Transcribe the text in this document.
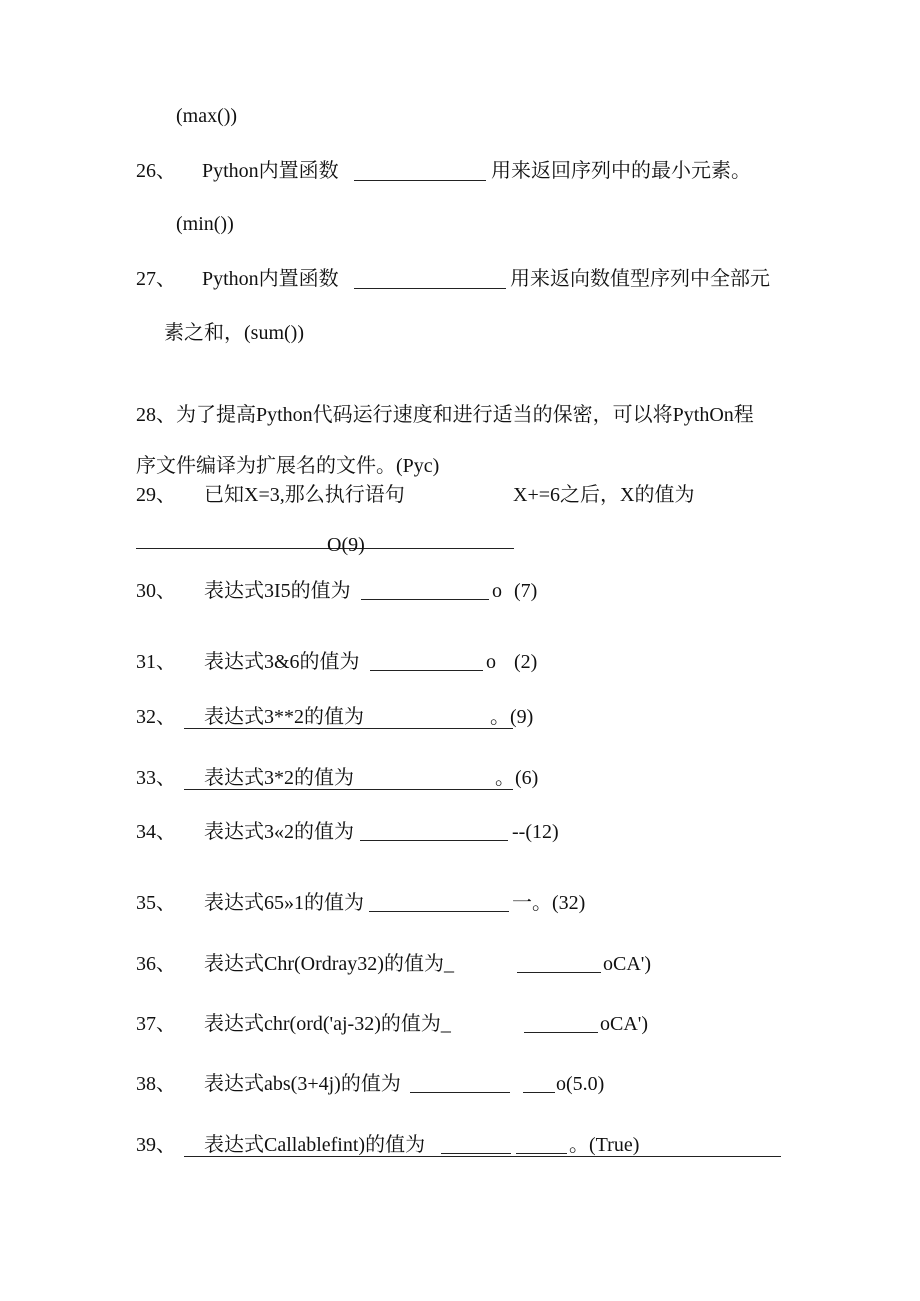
(max())
26、 Python内置函数	用来返回序列中的最小元素。
(min())
27、 Python内置函数	用来返向数值型序列中全部元
素之和，(sum())
28、为了提高Python代码运行速度和进行适当的保密，可以将PythOn程
序文件编译为扩展名的文件。(Pyc)
29、 已知X=3,那么执行语句	X+=6之后，X的值为
O(9)
30、 表达式3I5的值为	o (7)
31、 表达式3&6的值为	o (2)
32、 表达式3**2的值为	。(9)
33、 表达式3*2的值为	。(6)
34、 表达式3«2的值为	--(12)
35、 表达式65»1的值为	一。(32)
36、 表达式Chr(Ordray32)的值为_	oCA')
37、 表达式chr(ord('aj-32)的值为_	oCA')
38、 表达式abs(3+4j)的值为	o(5.0)
39、 表达式Callablefint)的值为	。(True)
